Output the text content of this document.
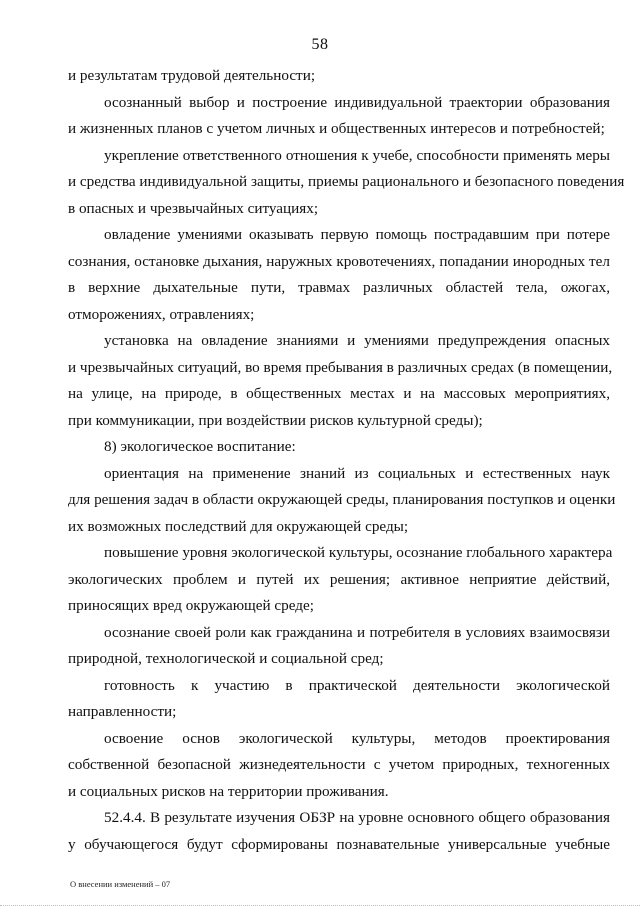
58
и результатам трудовой деятельности;
осознанный выбор и построение индивидуальной траектории образования
и жизненных планов с учетом личных и общественных интересов и потребностей;
укрепление ответственного отношения к учебе, способности применять меры
и средства индивидуальной защиты, приемы рационального и безопасного поведения
в опасных и чрезвычайных ситуациях;
овладение умениями оказывать первую помощь пострадавшим при потере
сознания, остановке дыхания, наружных кровотечениях, попадании инородных тел
в верхние дыхательные пути, травмах различных областей тела, ожогах,
отморожениях, отравлениях;
установка на овладение знаниями и умениями предупреждения опасных
и чрезвычайных ситуаций, во время пребывания в различных средах (в помещении,
на улице, на природе, в общественных местах и на массовых мероприятиях,
при коммуникации, при воздействии рисков культурной среды);
8) экологическое воспитание:
ориентация на применение знаний из социальных и естественных наук
для решения задач в области окружающей среды, планирования поступков и оценки
их возможных последствий для окружающей среды;
повышение уровня экологической культуры, осознание глобального характера
экологических проблем и путей их решения; активное неприятие действий,
приносящих вред окружающей среде;
осознание своей роли как гражданина и потребителя в условиях взаимосвязи
природной, технологической и социальной сред;
готовность к участию в практической деятельности экологической
направленности;
освоение основ экологической культуры, методов проектирования
собственной безопасной жизнедеятельности с учетом природных, техногенных
и социальных рисков на территории проживания.
52.4.4. В результате изучения ОБЗР на уровне основного общего образования
у обучающегося будут сформированы познавательные универсальные учебные
О внесении изменений – 07
